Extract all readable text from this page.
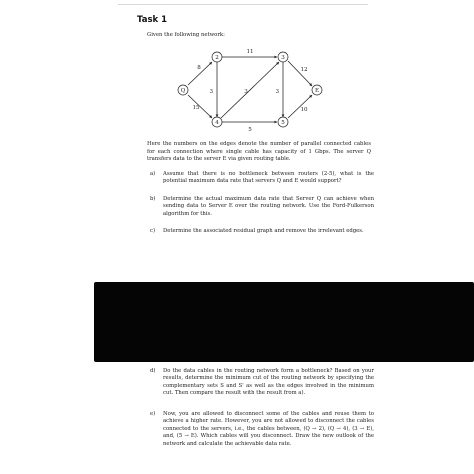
Task 1
Given the following network:
8
15
11
3	3	3
12
5
10
Q
2	3
4	5
E

Here the numbers on the edges denote the number of parallel connected cables for each connection where single cable has capacity of 1 Gbps. The server Q transfers data to the server E via given routing table.

a) Assume that there is no bottleneck between routers (2-5), what is the potential maximum data rate that servers Q and E would support?
b) Determine the actual maximum data rate that Server Q can achieve when sending data to Server E over the routing network. Use the Ford-Fulkerson algorithm for this.
c) Determine the associated residual graph and remove the irrelevant edges.
d) Do the data cables in the routing network form a bottleneck? Based on your results, determine the minimum cut of the routing network by specifying the complementary sets S and S' as well as the edges involved in the minimum cut. Then compare the result with the result from a).
e) Now, you are allowed to disconnect some of the cables and reuse them to achieve a higher rate. However, you are not allowed to disconnect the cables connected to the servers, i.e., the cables between, (Q → 2), (Q → 4), (3 → E), and, (5 → E). Which cables will you disconnect. Draw the new outlook of the network and calculate the achievable data rate.
